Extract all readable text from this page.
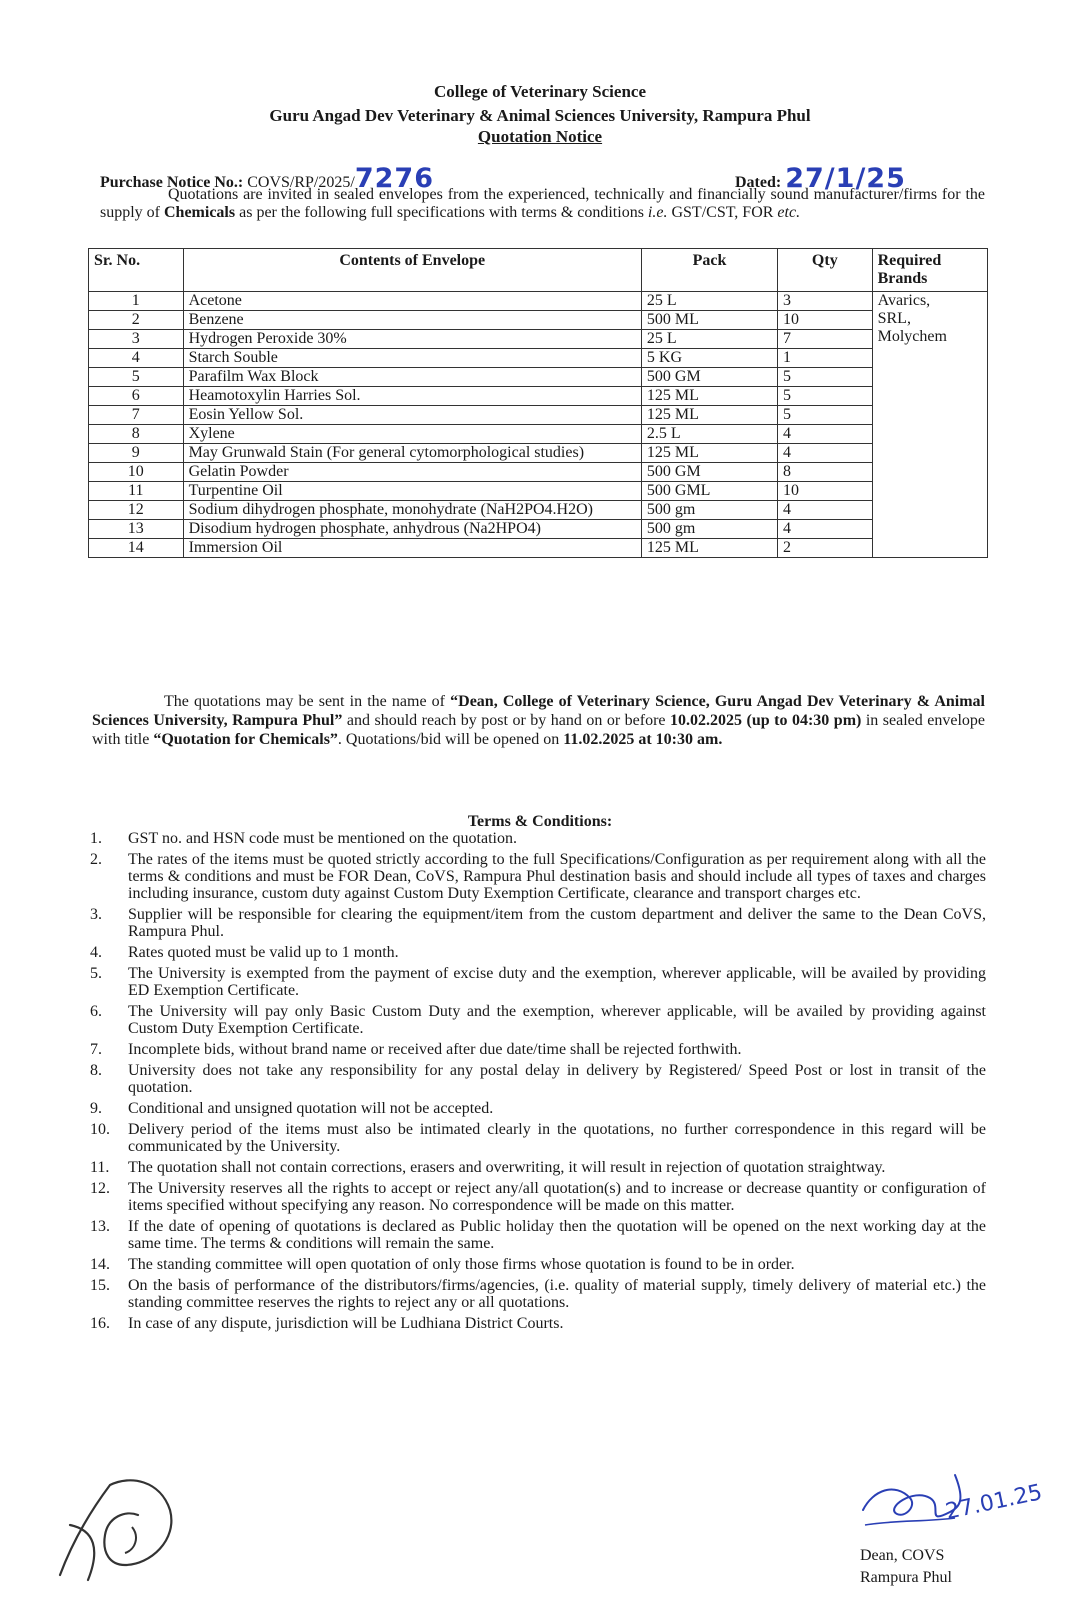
College of Veterinary Science
Guru Angad Dev Veterinary & Animal Sciences University, Rampura Phul
Quotation Notice
Purchase Notice No.: COVS/RP/2025/7276	Dated: 27/1/25
Quotations are invited in sealed envelopes from the experienced, technically and financially sound manufacturer/firms for the supply of Chemicals as per the following full specifications with terms & conditions i.e. GST/CST, FOR etc.
Sr. No.	Contents of Envelope	Pack	Qty	Required Brands
1	Acetone	25 L	3	Avarics,
SRL,
Molychem

2	Benzene	500 ML	10	
3	Hydrogen Peroxide 30%	25 L	7	
4	Starch Souble	5 KG	1	
5	Parafilm Wax Block	500 GM	5	
6	Heamotoxylin Harries Sol.	125 ML	5	
7	Eosin Yellow Sol.	125 ML	5	
8	Xylene	2.5 L	4	
9	May Grunwald Stain (For general cytomorphological studies)	125 ML	4	
10	Gelatin Powder	500 GM	8	
11	Turpentine Oil	500 GML	10	
12	Sodium dihydrogen phosphate, monohydrate (NaH2PO4.H2O)	500 gm	4	
13	Disodium hydrogen phosphate, anhydrous (Na2HPO4)	500 gm	4	
14	Immersion Oil	125 ML	2	
The quotations may be sent in the name of “Dean, College of Veterinary Science, Guru Angad Dev Veterinary & Animal Sciences University, Rampura Phul” and should reach by post or by hand on or before 10.02.2025 (up to 04:30 pm) in sealed envelope with title “Quotation for Chemicals”. Quotations/bid will be opened on 11.02.2025 at 10:30 am.
Terms & Conditions:
1.	GST no. and HSN code must be mentioned on the quotation.
2.	The rates of the items must be quoted strictly according to the full Specifications/Configuration as per requirement along with all the terms & conditions and must be FOR Dean, CoVS, Rampura Phul destination basis and should include all types of taxes and charges including insurance, custom duty against Custom Duty Exemption Certificate, clearance and transport charges etc.
3.	Supplier will be responsible for clearing the equipment/item from the custom department and deliver the same to the Dean CoVS, Rampura Phul.
4.	Rates quoted must be valid up to 1 month.
5.	The University is exempted from the payment of excise duty and the exemption, wherever applicable, will be availed by providing ED Exemption Certificate.
6.	The University will pay only Basic Custom Duty and the exemption, wherever applicable, will be availed by providing against Custom Duty Exemption Certificate.
7.	Incomplete bids, without brand name or received after due date/time shall be rejected forthwith.
8.	University does not take any responsibility for any postal delay in delivery by Registered/ Speed Post or lost in transit of the quotation.
9.	Conditional and unsigned quotation will not be accepted.
10.	Delivery period of the items must also be intimated clearly in the quotations, no further correspondence in this regard will be communicated by the University.
11.	The quotation shall not contain corrections, erasers and overwriting, it will result in rejection of quotation straightway.
12.	The University reserves all the rights to accept or reject any/all quotation(s) and to increase or decrease quantity or configuration of items specified without specifying any reason. No correspondence will be made on this matter.
13.	If the date of opening of quotations is declared as Public holiday then the quotation will be opened on the next working day at the same time. The terms & conditions will remain the same.
14.	The standing committee will open quotation of only those firms whose quotation is found to be in order.
15.	On the basis of performance of the distributors/firms/agencies, (i.e. quality of material supply, timely delivery of material etc.) the standing committee reserves the rights to reject any or all quotations.
16.	In case of any dispute, jurisdiction will be Ludhiana District Courts.
27.01.25
Dean, COVS
Rampura Phul
